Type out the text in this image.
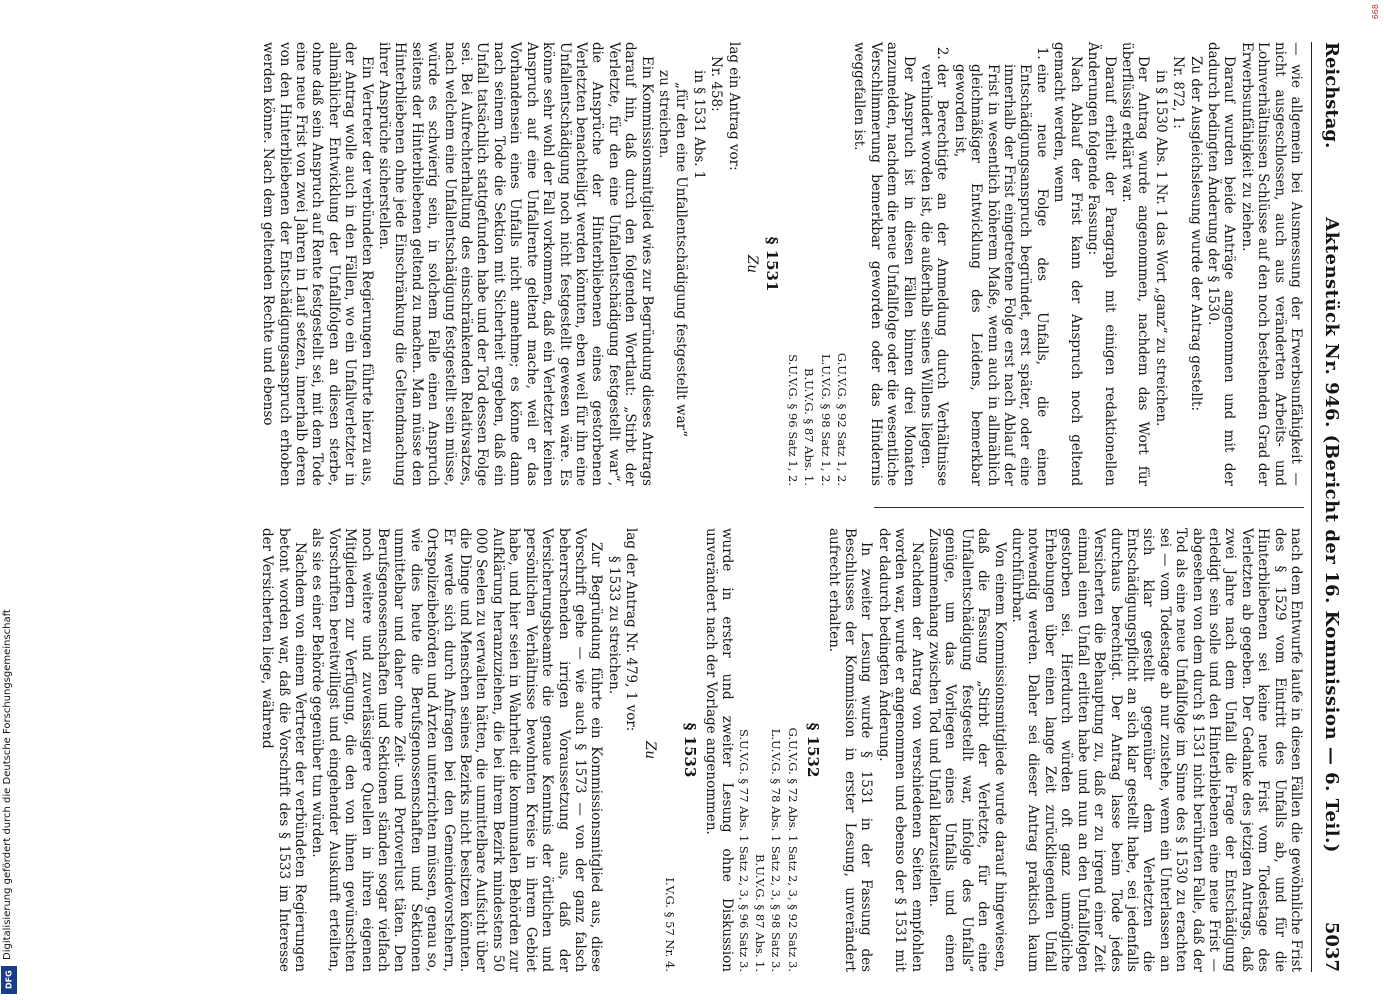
668
Digitalisierung gefördert durch die Deutsche Forschungsgemeinschaft
DFG
Reichstag.
Aktenstück Nr. 946. (Bericht der 16. Kommission — 6. Teil.)
5037

— wie allgemein bei Ausmessung der Erwerbsunfähigkeit — nicht ausgeschlossen, auch aus veränderten Arbeits- und Lohnverhältnissen Schlüsse auf den noch bestehenden Grad der Erwerbsunfähigkeit zu ziehen.

Darauf wurden beide Anträge angenommen und mit der dadurch bedingten Änderung der § 1530.

Zu der Ausgleichslesung wurde der Antrag gestellt:

Nr. 872, 1:

in § 1530 Abs. 1 Nr. 1 das Wort „ganz“ zu streichen.

Der Antrag wurde angenommen, nachdem das Wort für überflüssig erklärt war.

Darauf erhielt der Paragraph mit einigen redaktionellen Änderungen folgende Fassung:

Nach Ablauf der Frist kann der Anspruch noch geltend gemacht werden, wenn

1. eine neue Folge des Unfalls, die einen Entschädigungsanspruch begründet, erst später, oder eine innerhalb der Frist eingetretene Folge erst nach Ablauf der Frist in wesentlich höherem Maße, wenn auch in allmählich gleichmäßiger Entwicklung des Leidens, bemerkbar geworden ist,
2. der Berechtigte an der Anmeldung durch Verhältnisse verhindert worden ist, die außerhalb seines Willens liegen.

Der Anspruch ist in diesen Fällen binnen drei Monaten anzumelden, nachdem die neue Unfallfolge oder die wesentliche Verschlimmerung bemerkbar geworden oder das Hindernis weggefallen ist.

G.U.V.G. § 92 Satz 1, 2.
L.U.V.G. § 98 Satz 1, 2.
B.U.V.G. § 87 Abs. 1.
S.U.V.G. § 96 Satz 1, 2.
§ 1531
Zu

lag ein Antrag vor:

Nr. 458:

in § 1531 Abs. 1

„für den eine Unfallentschädigung festgestellt war“

zu streichen.

Ein Kommissionsmitglied wies zur Begründung dieses Antrags darauf hin, daß durch den folgenden Wortlaut: „Stirbt der Verletzte, für den eine Unfallentschädigung festgestellt war“, die Ansprüche der Hinterbliebenen eines gestorbenen Verletzten benachteiligt werden könnten, eben weil für ihn eine Unfallentschädigung noch nicht festgestellt gewesen wäre. Es könne sehr wohl der Fall vorkommen, daß ein Verletzter keinen Anspruch auf eine Unfallrente geltend mache, weil er das Vorhandensein eines Unfalls nicht annehme; es könne dann nach seinem Tode die Sektion mit Sicherheit ergeben, daß ein Unfall tatsächlich stattgefunden habe und der Tod dessen Folge sei. Bei Aufrechterhaltung des einschränkenden Relativsatzes, nach welchem eine Unfallentschädigung festgestellt sein müsse, würde es schwierig sein, in solchem Falle einen Anspruch seitens der Hinterbliebenen geltend zu machen. Man müsse den Hinterbliebenen ohne jede Einschränkung die Geltendmachung ihrer Ansprüche sicherstellen.

Ein Vertreter der verbündeten Regierungen führte hierzu aus, der Antrag wolle auch in den Fällen, wo ein Unfallverletzter in allmählicher Entwicklung der Unfallfolgen an diesen sterbe, ohne daß sein Anspruch auf Rente festgestellt sei, mit dem Tode eine neue Frist von zwei Jahren in Lauf setzen, innerhalb deren von den Hinterbliebenen der Entschädigungsanspruch erhoben werden könne. Nach dem geltenden Rechte und ebenso

nach dem Entwurfe laufe in diesen Fällen die gewöhnliche Frist des § 1529 vom Eintritt des Unfalls ab, und für die Hinterbliebenen sei keine neue Frist vom Todestage des Verletzten ab gegeben. Der Gedanke des jetzigen Antrags, daß zwei Jahre nach dem Unfall die Frage der Entschädigung erledigt sein solle und den Hinterbliebenen eine neue Frist — abgesehen von dem durch § 1531 nicht berührten Falle, daß der Tod als eine neue Unfallfolge im Sinne des § 1530 zu erachten sei — vom Todestage ab nur zustehe, wenn ein Unterlassen an sich klar gestellt gegenüber dem Verletzten die Entschädigungspflicht an sich klar gestellt habe, sei jedenfalls durchaus berechtigt. Der Antrag lasse beim Tode jedes Versicherten die Behauptung zu, daß er zu irgend einer Zeit einmal einen Unfall erlitten habe und nun an den Unfallfolgen gestorben sei. Hierdurch würden oft ganz unmögliche Erhebungen über einen lange Zeit zurückliegenden Unfall notwendig werden. Daher sei dieser Antrag praktisch kaum durchführbar.

Von einem Kommissionsmitgliede wurde darauf hingewiesen, daß die Fassung „Stirbt der Verletzte, für den eine Unfallentschädigung festgestellt war, infolge des Unfalls“ genüge, um das Vorliegen eines Unfalls und einen Zusammenhang zwischen Tod und Unfall klarzustellen.

Nachdem der Antrag von verschiedenen Seiten empfohlen worden war, wurde er angenommen und ebenso der § 1531 mit der dadurch bedingten Änderung.

In zweiter Lesung wurde § 1531 in der Fassung des Beschlusses der Kommission in erster Lesung, unverändert aufrecht erhalten.

§ 1532
G.U.V.G. § 72 Abs. 1 Satz 2, 3, § 92 Satz 3.
L.U.V.G. § 78 Abs. 1 Satz 2, 3, § 98 Satz 3.
B.U.V.G. § 87 Abs. 1.
S.U.V.G. § 77 Abs. 1 Satz 2, 3, § 96 Satz 3.

wurde in erster und zweiter Lesung ohne Diskussion unverändert nach der Vorlage angenommen.

§ 1533
I.V.G. § 57 Nr. 4.
Zu

lag der Antrag Nr. 479, 1 vor:

§ 1533 zu streichen.

Zur Begründung führte ein Kommissionsmitglied aus, diese Vorschrift gehe — wie auch § 1573 — von der ganz falsch beherrschenden irrigen Voraussetzung aus, daß der Versicherungsbeamte die genaue Kenntnis der örtlichen und persönlichen Verhältnisse bewohnten Kreise in ihrem Gebiet habe, und hier seien in Wahrheit die kommunalen Behörden zur Aufklärung heranzuziehen, die bei ihrem Bezirk mindestens 50 000 Seelen zu verwalten hätten, die unmittelbare Aufsicht über die Dinge und Menschen seines Bezirks nicht besitzen könnten. Er werde sich durch Anfragen bei den Gemeindevorstehern, Ortspolizeibehörden und Ärzten unterrichten müssen, genau so, wie dies heute die Berufsgenossenschaften und Sektionen unmittelbar und daher ohne Zeit- und Portoverlust täten. Den Berufsgenossenschaften und Sektionen ständen sogar vielfach noch weitere und zuverlässigere Quellen in ihren eigenen Mitgliedern zur Verfügung, die den von ihnen gewünschten Vorschriften bereitwilligst und eingehender Auskunft erteilten, als sie es einer Behörde gegenüber tun würden.

Nachdem von einem Vertreter der verbündeten Regierungen betont worden war, daß die Vorschrift des § 1533 im Interesse der Versicherten liege, während
